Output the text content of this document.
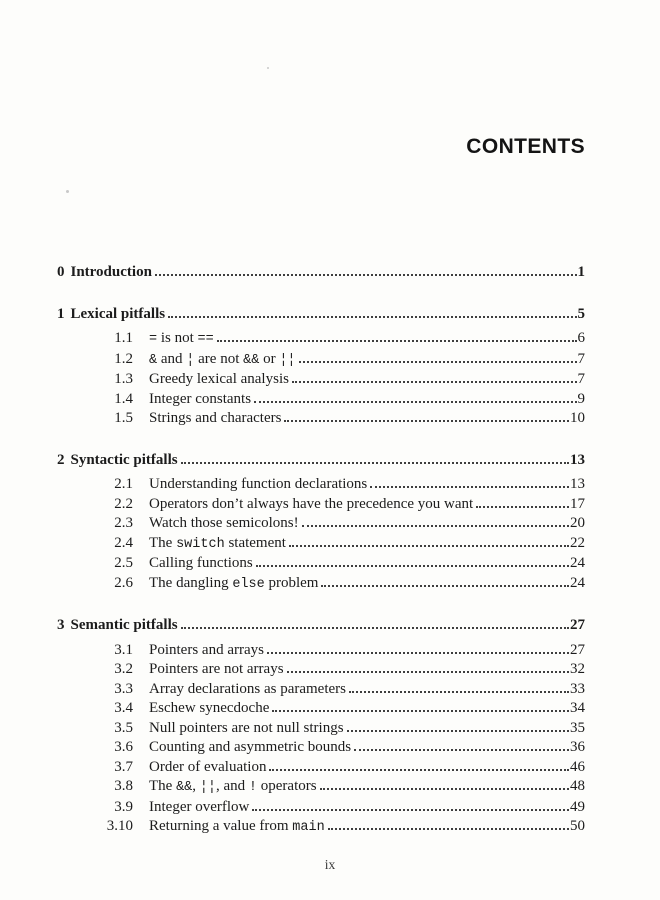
CONTENTS
0 Introduction	1
1 Lexical pitfalls	5
1.1 = is not ==	6
1.2 & and ¦ are not && or ¦¦	7
1.3 Greedy lexical analysis	7
1.4 Integer constants	9
1.5 Strings and characters	10
2 Syntactic pitfalls	13
2.1 Understanding function declarations	13
2.2 Operators don’t always have the precedence you want	17
2.3 Watch those semicolons!	20
2.4 The switch statement	22
2.5 Calling functions	24
2.6 The dangling else problem	24
3 Semantic pitfalls	27
3.1 Pointers and arrays	27
3.2 Pointers are not arrays	32
3.3 Array declarations as parameters	33
3.4 Eschew synecdoche	34
3.5 Null pointers are not null strings	35
3.6 Counting and asymmetric bounds	36
3.7 Order of evaluation	46
3.8 The &&, ¦¦, and ! operators	48
3.9 Integer overflow	49
3.10 Returning a value from main	50
ix
